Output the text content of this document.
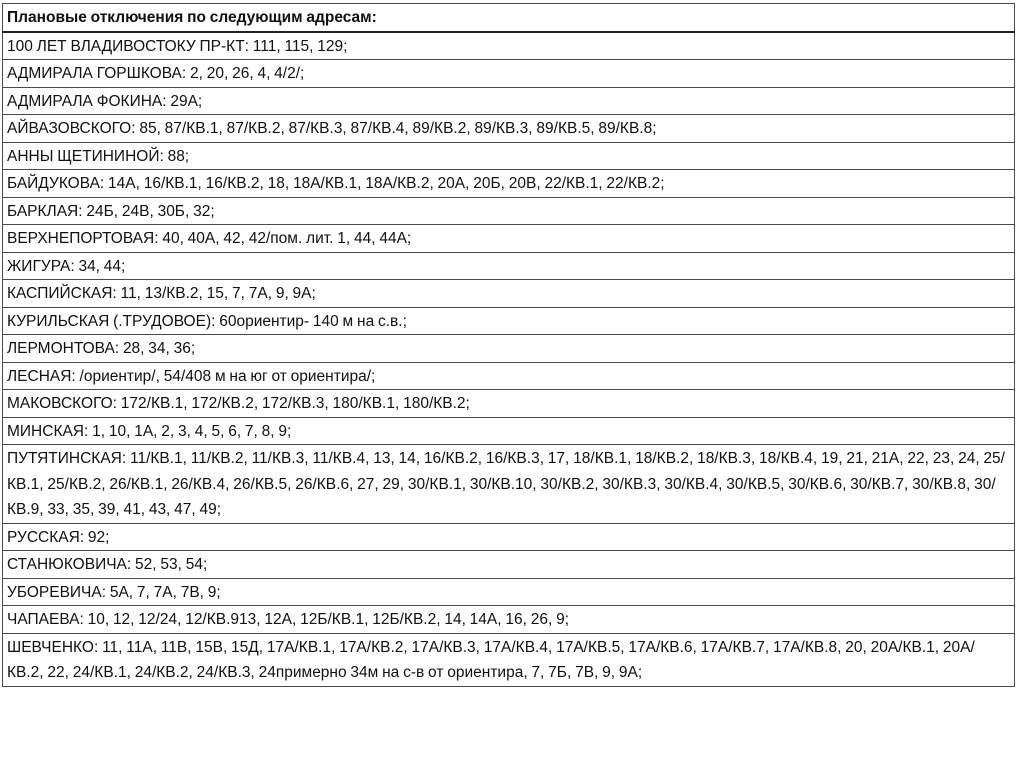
Плановые отключения по следующим адресам:
100 ЛЕТ ВЛАДИВОСТОКУ ПР-КТ: 111, 115, 129;
АДМИРАЛА ГОРШКОВА: 2, 20, 26, 4, 4/2/;
АДМИРАЛА ФОКИНА: 29А;
АЙВАЗОВСКОГО: 85, 87/КВ.1, 87/КВ.2, 87/КВ.3, 87/КВ.4, 89/КВ.2, 89/КВ.3, 89/КВ.5, 89/КВ.8;
АННЫ ЩЕТИНИНОЙ: 88;
БАЙДУКОВА: 14А, 16/КВ.1, 16/КВ.2, 18, 18А/КВ.1, 18А/КВ.2, 20А, 20Б, 20В, 22/КВ.1, 22/КВ.2;
БАРКЛАЯ: 24Б, 24В, 30Б, 32;
ВЕРХНЕПОРТОВАЯ: 40, 40А, 42, 42/пом. лит. 1, 44, 44А;
ЖИГУРА: 34, 44;
КАСПИЙСКАЯ: 11, 13/КВ.2, 15, 7, 7А, 9, 9А;
КУРИЛЬСКАЯ (.ТРУДОВОЕ): 60ориентир- 140 м на с.в.;
ЛЕРМОНТОВА: 28, 34, 36;
ЛЕСНАЯ: /ориентир/, 54/408 м на юг от ориентира/;
МАКОВСКОГО: 172/КВ.1, 172/КВ.2, 172/КВ.3, 180/КВ.1, 180/КВ.2;
МИНСКАЯ: 1, 10, 1А, 2, 3, 4, 5, 6, 7, 8, 9;
ПУТЯТИНСКАЯ: 11/КВ.1, 11/КВ.2, 11/КВ.3, 11/КВ.4, 13, 14, 16/КВ.2, 16/КВ.3, 17, 18/КВ.1, 18/КВ.2, 18/КВ.3, 18/КВ.4, 19, 21, 21А, 22, 23, 24, 25/КВ.1, 25/КВ.2, 26/КВ.1, 26/КВ.4, 26/КВ.5, 26/КВ.6, 27, 29, 30/КВ.1, 30/КВ.10, 30/КВ.2, 30/КВ.3, 30/КВ.4, 30/КВ.5, 30/КВ.6, 30/КВ.7, 30/КВ.8, 30/КВ.9, 33, 35, 39, 41, 43, 47, 49;
РУССКАЯ: 92;
СТАНЮКОВИЧА: 52, 53, 54;
УБОРЕВИЧА: 5А, 7, 7А, 7В, 9;
ЧАПАЕВА: 10, 12, 12/24, 12/КВ.913, 12А, 12Б/КВ.1, 12Б/КВ.2, 14, 14А, 16, 26, 9;
ШЕВЧЕНКО: 11, 11А, 11В, 15В, 15Д, 17А/КВ.1, 17А/КВ.2, 17А/КВ.3, 17А/КВ.4, 17А/КВ.5, 17А/КВ.6, 17А/КВ.7, 17А/КВ.8, 20, 20А/КВ.1, 20А/КВ.2, 22, 24/КВ.1, 24/КВ.2, 24/КВ.3, 24примерно 34м на с-в от ориентира, 7, 7Б, 7В, 9, 9А;
